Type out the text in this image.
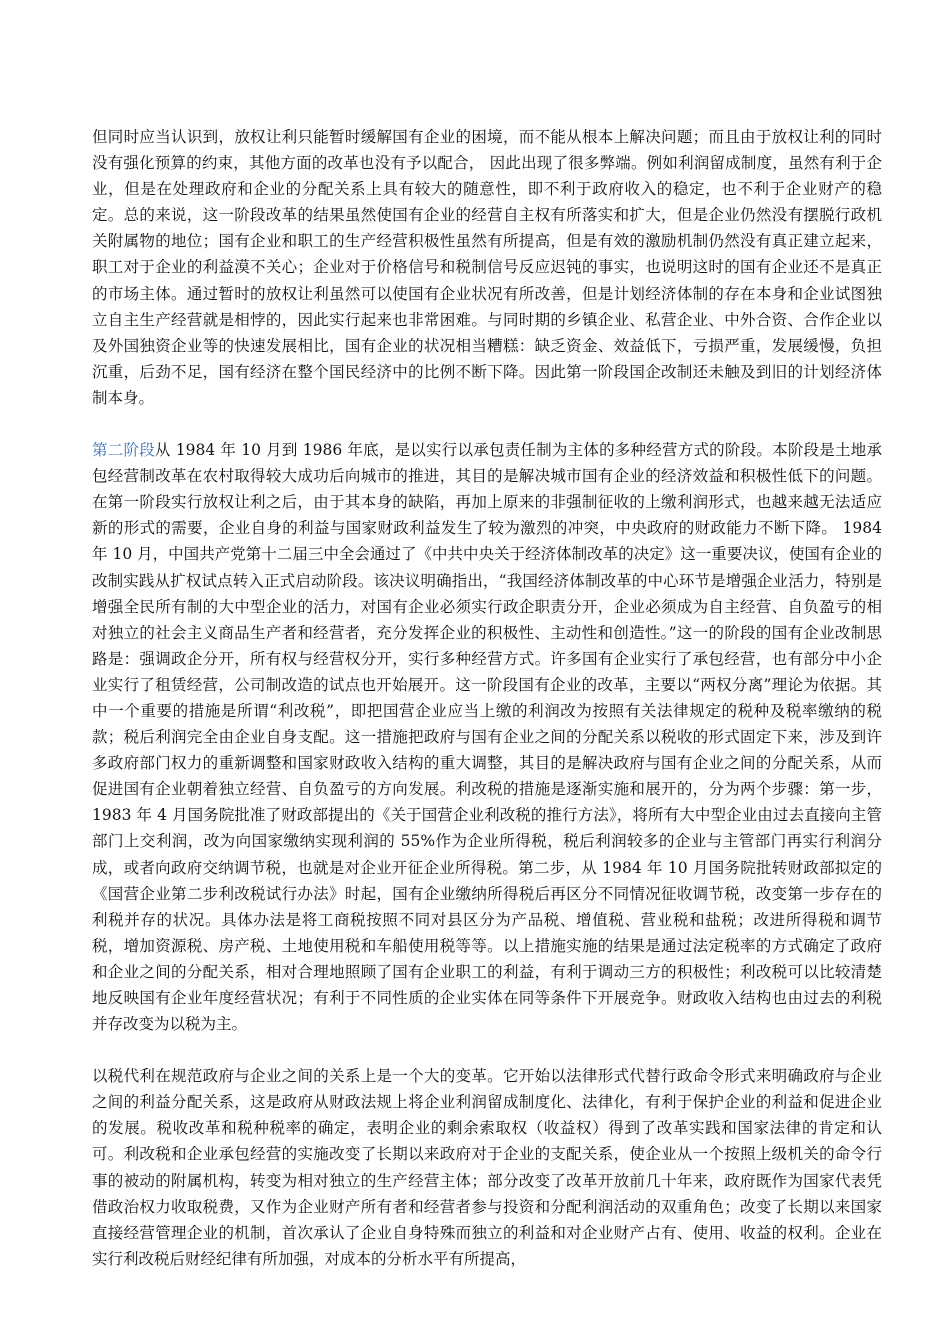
但同时应当认识到，放权让利只能暂时缓解国有企业的困境，而不能从根本上解决问题；而且由于放权让利的同时没有强化预算的约束，其他方面的改革也没有予以配合， 因此出现了很多弊端。例如利润留成制度，虽然有利于企业，但是在处理政府和企业的分配关系上具有较大的随意性，即不利于政府收入的稳定，也不利于企业财产的稳定。总的来说，这一阶段改革的结果虽然使国有企业的经营自主权有所落实和扩大，但是企业仍然没有摆脱行政机关附属物的地位；国有企业和职工的生产经营积极性虽然有所提高，但是有效的激励机制仍然没有真正建立起来，职工对于企业的利益漠不关心；企业对于价格信号和税制信号反应迟钝的事实，也说明这时的国有企业还不是真正的市场主体。通过暂时的放权让利虽然可以使国有企业状况有所改善，但是计划经济体制的存在本身和企业试图独立自主生产经营就是相悖的，因此实行起来也非常困难。与同时期的乡镇企业、私营企业、中外合资、合作企业以及外国独资企业等的快速发展相比，国有企业的状况相当糟糕：缺乏资金、效益低下，亏损严重，发展缓慢，负担沉重，后劲不足，国有经济在整个国民经济中的比例不断下降。因此第一阶段国企改制还未触及到旧的计划经济体制本身。

第二阶段从 1984 年 10 月到 1986 年底，是以实行以承包责任制为主体的多种经营方式的阶段。本阶段是土地承包经营制改革在农村取得较大成功后向城市的推进，其目的是解决城市国有企业的经济效益和积极性低下的问题。在第一阶段实行放权让利之后，由于其本身的缺陷，再加上原来的非强制征收的上缴利润形式，也越来越无法适应新的形式的需要，企业自身的利益与国家财政利益发生了较为激烈的冲突，中央政府的财政能力不断下降。 1984 年 10 月，中国共产党第十二届三中全会通过了《中共中央关于经济体制改革的决定》这一重要决议，使国有企业的改制实践从扩权试点转入正式启动阶段。该决议明确指出，“我国经济体制改革的中心环节是增强企业活力，特别是增强全民所有制的大中型企业的活力，对国有企业必须实行政企职责分开，企业必须成为自主经营、自负盈亏的相对独立的社会主义商品生产者和经营者，充分发挥企业的积极性、主动性和创造性。”这一的阶段的国有企业改制思路是：强调政企分开，所有权与经营权分开，实行多种经营方式。许多国有企业实行了承包经营，也有部分中小企业实行了租赁经营，公司制改造的试点也开始展开。这一阶段国有企业的改革，主要以“两权分离”理论为依据。其中一个重要的措施是所谓“利改税”，即把国营企业应当上缴的利润改为按照有关法律规定的税种及税率缴纳的税款；税后利润完全由企业自身支配。这一措施把政府与国有企业之间的分配关系以税收的形式固定下来，涉及到许多政府部门权力的重新调整和国家财政收入结构的重大调整，其目的是解决政府与国有企业之间的分配关系，从而促进国有企业朝着独立经营、自负盈亏的方向发展。利改税的措施是逐渐实施和展开的，分为两个步骤：第一步，1983 年 4 月国务院批准了财政部提出的《关于国营企业利改税的推行方法》，将所有大中型企业由过去直接向主管部门上交利润，改为向国家缴纳实现利润的 55%作为企业所得税，税后利润较多的企业与主管部门再实行利润分成，或者向政府交纳调节税，也就是对企业开征企业所得税。第二步，从 1984 年 10 月国务院批转财政部拟定的《国营企业第二步利改税试行办法》时起，国有企业缴纳所得税后再区分不同情况征收调节税，改变第一步存在的利税并存的状况。具体办法是将工商税按照不同对县区分为产品税、增值税、营业税和盐税；改进所得税和调节税，增加资源税、房产税、土地使用税和车船使用税等等。以上措施实施的结果是通过法定税率的方式确定了政府和企业之间的分配关系，相对合理地照顾了国有企业职工的利益，有利于调动三方的积极性；利改税可以比较清楚地反映国有企业年度经营状况；有利于不同性质的企业实体在同等条件下开展竞争。财政收入结构也由过去的利税并存改变为以税为主。

以税代利在规范政府与企业之间的关系上是一个大的变革。它开始以法律形式代替行政命令形式来明确政府与企业之间的利益分配关系，这是政府从财政法规上将企业利润留成制度化、法律化，有利于保护企业的利益和促进企业的发展。税收改革和税种税率的确定，表明企业的剩余索取权（收益权）得到了改革实践和国家法律的肯定和认可。利改税和企业承包经营的实施改变了长期以来政府对于企业的支配关系，使企业从一个按照上级机关的命令行事的被动的附属机构，转变为相对独立的生产经营主体；部分改变了改革开放前几十年来，政府既作为国家代表凭借政治权力收取税费，又作为企业财产所有者和经营者参与投资和分配利润活动的双重角色；改变了长期以来国家直接经营管理企业的机制，首次承认了企业自身特殊而独立的利益和对企业财产占有、使用、收益的权利。企业在实行利改税后财经纪律有所加强，对成本的分析水平有所提高，
